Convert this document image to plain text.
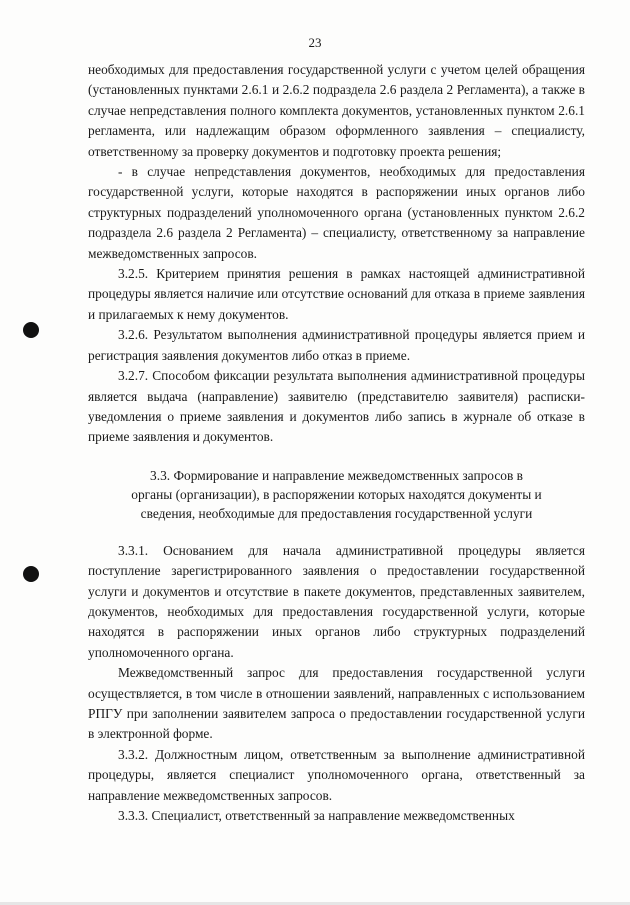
23

необходимых для предоставления государственной услуги с учетом целей обращения (установленных пунктами 2.6.1 и 2.6.2 подраздела 2.6 раздела 2 Регламента), а также в случае непредставления полного комплекта документов, установленных пунктом 2.6.1 регламента, или надлежащим образом оформленного заявления – специалисту, ответственному за проверку документов и подготовку проекта решения;

- в случае непредставления документов, необходимых для предоставления государственной услуги, которые находятся в распоряжении иных органов либо структурных подразделений уполномоченного органа (установленных пунктом 2.6.2 подраздела 2.6 раздела 2 Регламента) – специалисту, ответственному за направление межведомственных запросов.

3.2.5. Критерием принятия решения в рамках настоящей административной процедуры является наличие или отсутствие оснований для отказа в приеме заявления и прилагаемых к нему документов.

3.2.6. Результатом выполнения административной процедуры является прием и регистрация заявления документов либо отказ в приеме.

3.2.7. Способом фиксации результата выполнения административной процедуры является выдача (направление) заявителю (представителю заявителя) расписки-уведомления о приеме заявления и документов либо запись в журнале об отказе в приеме заявления и документов.

3.3. Формирование и направление межведомственных запросов в органы (организации), в распоряжении которых находятся документы и сведения, необходимые для предоставления государственной услуги

3.3.1. Основанием для начала административной процедуры является поступление зарегистрированного заявления о предоставлении государственной услуги и документов и отсутствие в пакете документов, представленных заявителем, документов, необходимых для предоставления государственной услуги, которые находятся в распоряжении иных органов либо структурных подразделений уполномоченного органа.

Межведомственный запрос для предоставления государственной услуги осуществляется, в том числе в отношении заявлений, направленных с использованием РПГУ при заполнении заявителем запроса о предоставлении государственной услуги в электронной форме.

3.3.2. Должностным лицом, ответственным за выполнение административной процедуры, является специалист уполномоченного органа, ответственный за направление межведомственных запросов.

3.3.3. Специалист, ответственный за направление межведомственных
